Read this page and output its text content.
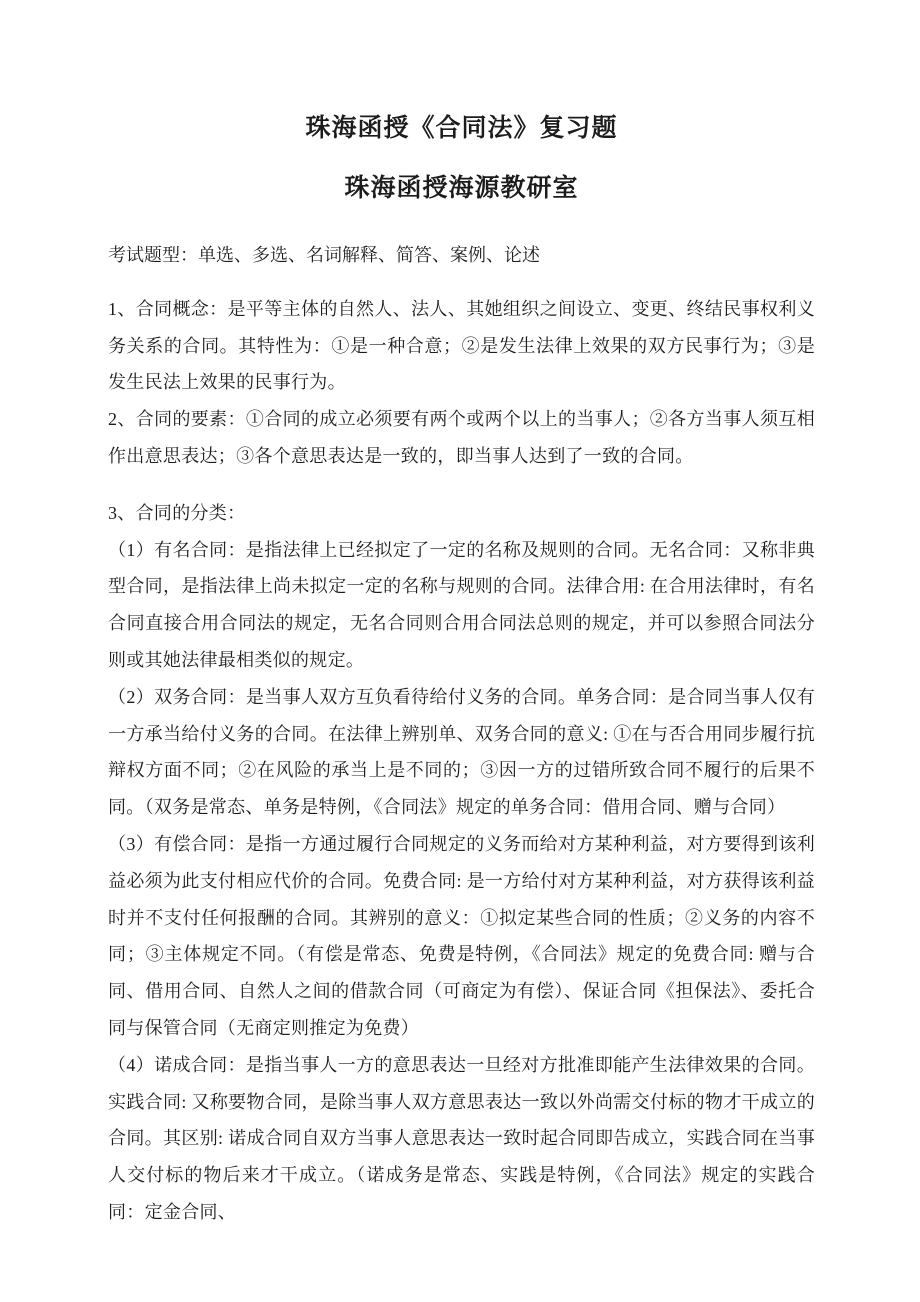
珠海函授《合同法》复习题
珠海函授海源教研室

考试题型：单选、多选、名词解释、简答、案例、论述

1、合同概念：是平等主体的自然人、法人、其她组织之间设立、变更、终结民事权利义务关系的合同。其特性为：①是一种合意；②是发生法律上效果的双方民事行为；③是发生民法上效果的民事行为。

2、合同的要素：①合同的成立必须要有两个或两个以上的当事人；②各方当事人须互相作出意思表达；③各个意思表达是一致的，即当事人达到了一致的合同。

3、合同的分类：

（1）有名合同：是指法律上已经拟定了一定的名称及规则的合同。无名合同：又称非典型合同，是指法律上尚未拟定一定的名称与规则的合同。法律合用: 在合用法律时，有名合同直接合用合同法的规定，无名合同则合用合同法总则的规定，并可以参照合同法分则或其她法律最相类似的规定。

（2）双务合同：是当事人双方互负看待给付义务的合同。单务合同：是合同当事人仅有一方承当给付义务的合同。在法律上辨别单、双务合同的意义: ①在与否合用同步履行抗辩权方面不同；②在风险的承当上是不同的；③因一方的过错所致合同不履行的后果不同。（双务是常态、单务是特例，《合同法》规定的单务合同：借用合同、赠与合同）

（3）有偿合同：是指一方通过履行合同规定的义务而给对方某种利益，对方要得到该利益必须为此支付相应代价的合同。免费合同: 是一方给付对方某种利益，对方获得该利益时并不支付任何报酬的合同。其辨别的意义：①拟定某些合同的性质；②义务的内容不同；③主体规定不同。（有偿是常态、免费是特例，《合同法》规定的免费合同: 赠与合同、借用合同、自然人之间的借款合同（可商定为有偿）、保证合同《担保法》、委托合同与保管合同（无商定则推定为免费）

（4）诺成合同：是指当事人一方的意思表达一旦经对方批准即能产生法律效果的合同。实践合同: 又称要物合同，是除当事人双方意思表达一致以外尚需交付标的物才干成立的合同。其区别: 诺成合同自双方当事人意思表达一致时起合同即告成立，实践合同在当事人交付标的物后来才干成立。（诺成务是常态、实践是特例，《合同法》规定的实践合同：定金合同、
